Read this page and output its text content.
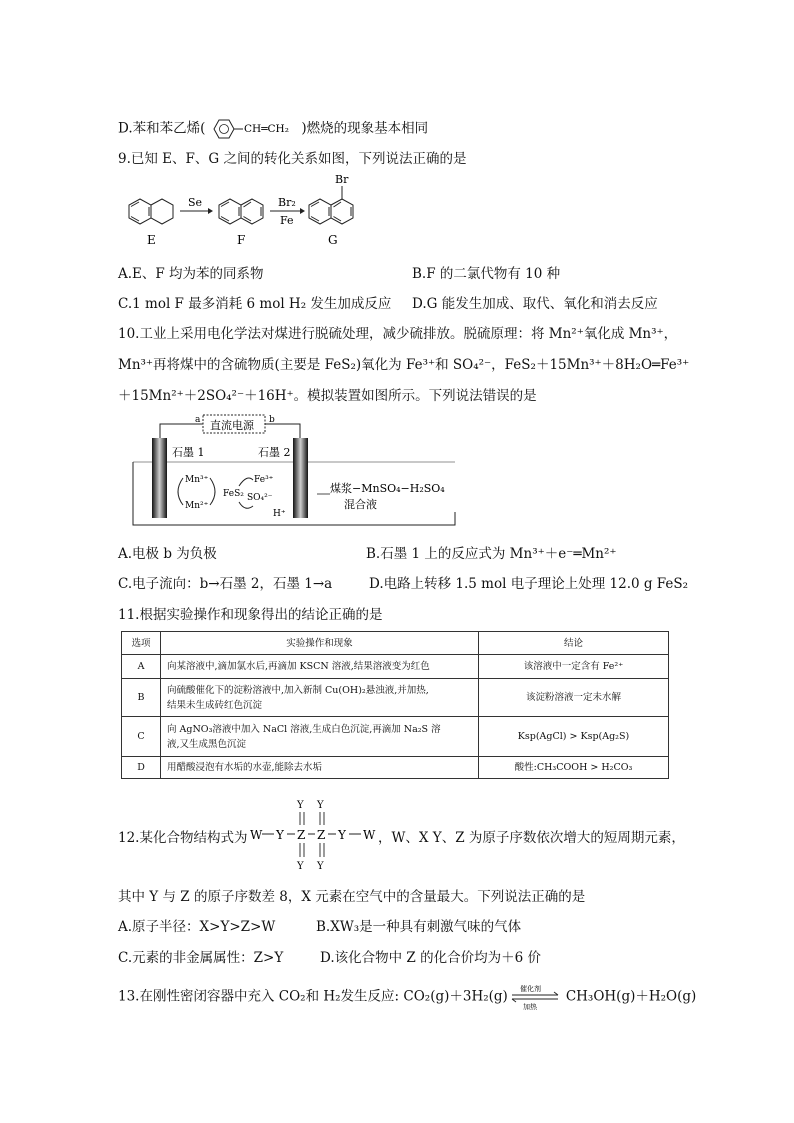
D.苯和苯乙烯(	CH═CH₂ )燃烧的现象基本相同
9.已知 E、F、G 之间的转化关系如图，下列说法正确的是
E
Se
F
Br₂
Fe
Br
G
A.E、F 均为苯的同系物	B.F 的二氯代物有 10 种
C.1 mol F 最多消耗 6 mol H₂ 发生加成反应 D.G 能发生加成、取代、氧化和消去反应
10.工业上采用电化学法对煤进行脱硫处理，减少硫排放。脱硫原理：将 Mn²⁺氧化成 Mn³⁺，
Mn³⁺再将煤中的含硫物质(主要是 FeS₂)氧化为 Fe³⁺和 SO₄²⁻，FeS₂＋15Mn³⁺＋8H₂O═Fe³⁺
＋15Mn²⁺＋2SO₄²⁻＋16H⁺。模拟装置如图所示。下列说法错误的是
直流电源
a	b
石墨 1	石墨 2
Mn³⁺
Mn²⁺
FeS₂
Fe³⁺
SO₄²⁻
H⁺
煤浆−MnSO₄−H₂SO₄
混合液
A.电极 b 为负极	B.石墨 1 上的反应式为 Mn³⁺＋e⁻═Mn²⁺
C.电子流向：b→石墨 2，石墨 1→a	D.电路上转移 1.5 mol 电子理论上处理 12.0 g FeS₂
11.根据实验操作和现象得出的结论正确的是
选项	实验操作和现象	结论
A	向某溶液中,滴加氯水后,再滴加 KSCN 溶液,结果溶液变为红色	该溶液中一定含有 Fe²⁺
B	向硫酸催化下的淀粉溶液中,加入新制 Cu(OH)₂悬浊液,并加热,
结果未生成砖红色沉淀	该淀粉溶液一定未水解
C	向 AgNO₃溶液中加入 NaCl 溶液,生成白色沉淀,再滴加 Na₂S 溶
液,又生成黑色沉淀	Ksp(AgCl) > Ksp(Ag₂S)
D	用醋酸浸泡有水垢的水壶,能除去水垢	酸性:CH₃COOH > H₂CO₃
12.某化合物结构式为 W Y Z Z Y W
Y Y
Y Y
，W、X Y、Z 为原子序数依次增大的短周期元素，
其中 Y 与 Z 的原子序数差 8，X 元素在空气中的含量最大。下列说法正确的是
A.原子半径：X>Y>Z>W	B.XW₃是一种具有刺激气味的气体
C.元素的非金属属性：Z>Y	D.该化合物中 Z 的化合价均为＋6 价
13.在刚性密闭容器中充入 CO₂和 H₂发生反应: CO₂(g)＋3H₂(g) 催化剂
加热
CH₃OH(g)＋H₂O(g)
